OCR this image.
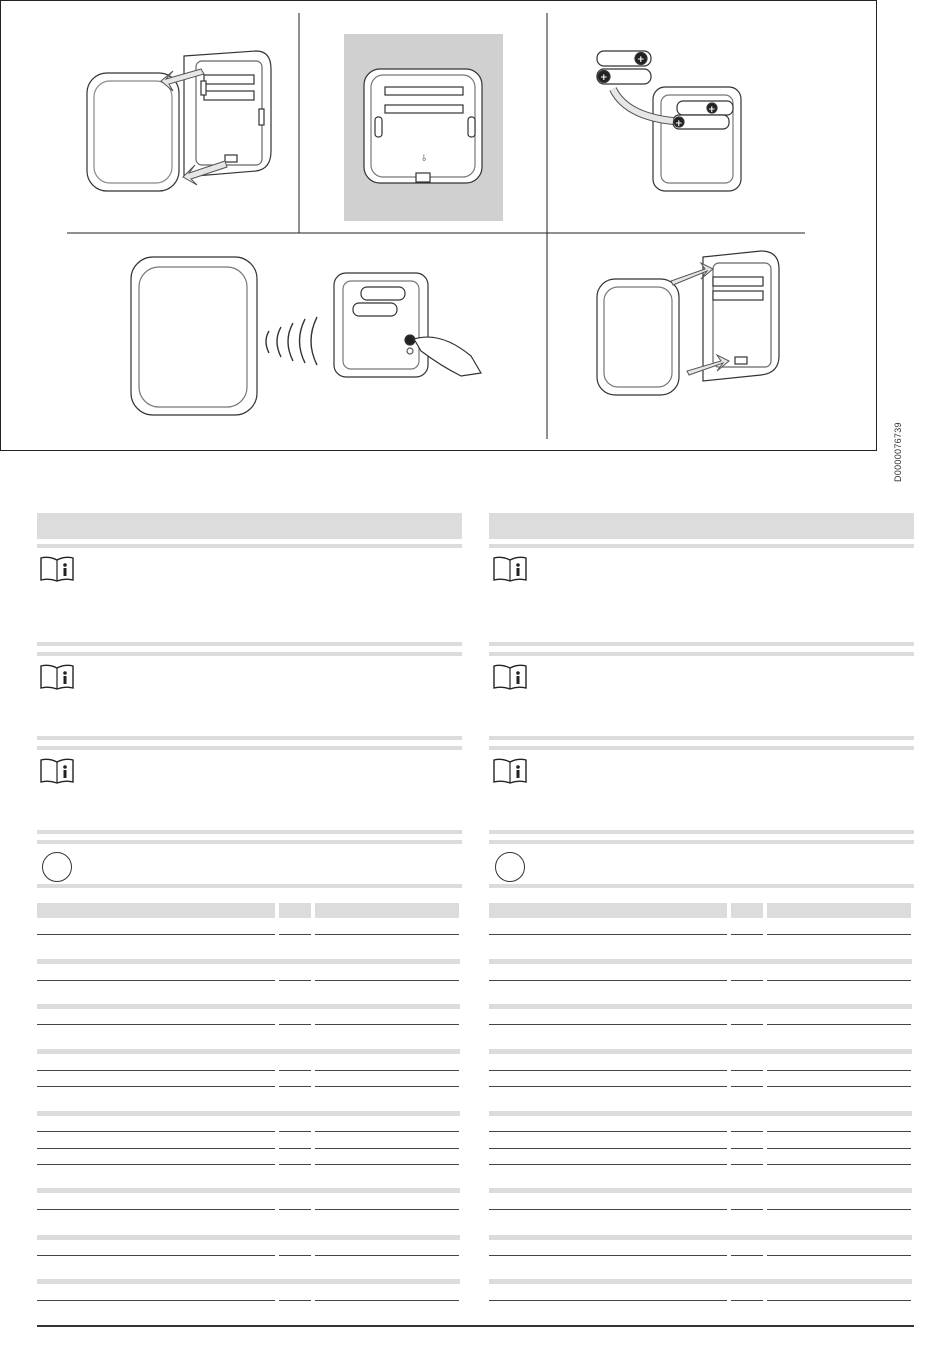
⫰
+
+
+
+
D0000076739
